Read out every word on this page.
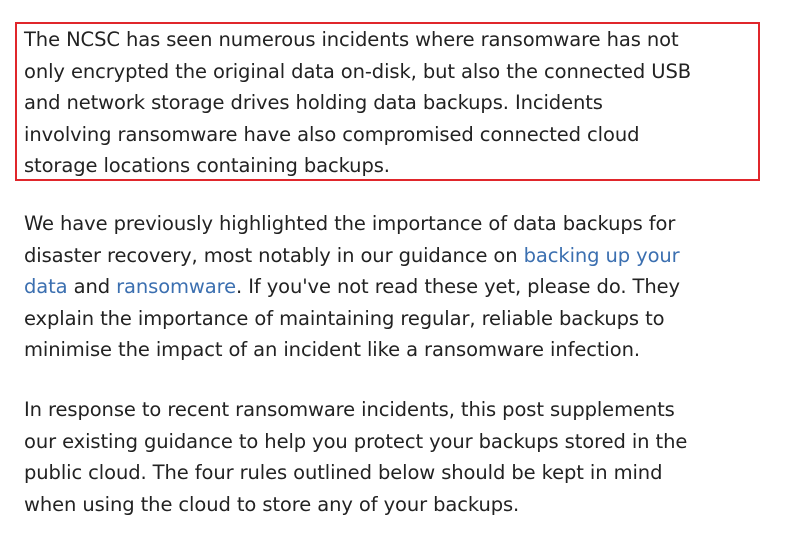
The NCSC has seen numerous incidents where ransomware has not
only encrypted the original data on-disk, but also the connected USB
and network storage drives holding data backups. Incidents
involving ransomware have also compromised connected cloud
storage locations containing backups.

We have previously highlighted the importance of data backups for
disaster recovery, most notably in our guidance on backing up your
data and ransomware. If you've not read these yet, please do. They
explain the importance of maintaining regular, reliable backups to
minimise the impact of an incident like a ransomware infection.

In response to recent ransomware incidents, this post supplements
our existing guidance to help you protect your backups stored in the
public cloud. The four rules outlined below should be kept in mind
when using the cloud to store any of your backups.
